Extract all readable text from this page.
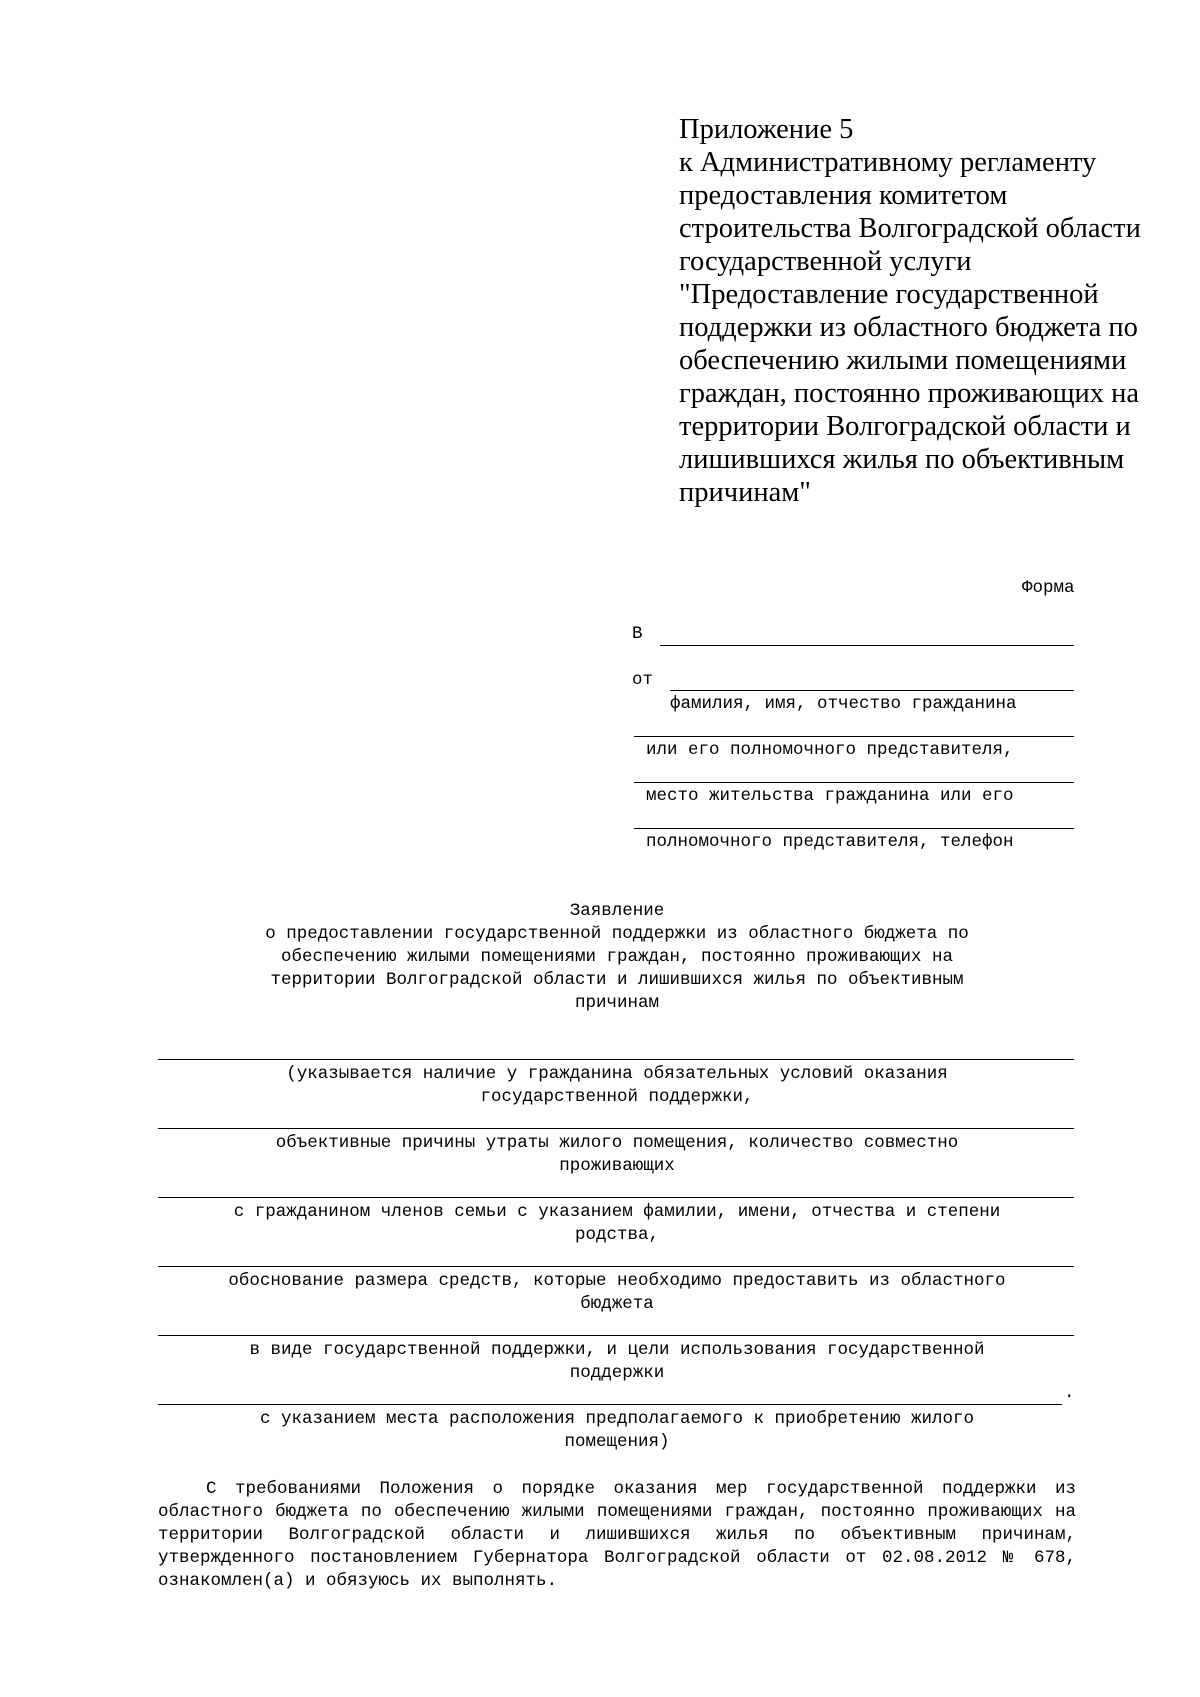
Приложение 5
к Административному регламенту
предоставления комитетом
строительства Волгоградской области
государственной услуги
"Предоставление государственной
поддержки из областного бюджета по
обеспечению жилыми помещениями
граждан, постоянно проживающих на
территории Волгоградской области и
лишившихся жилья по объективным
причинам"
Форма
В
от
фамилия, имя, отчество гражданина
или его полномочного представителя,
место жительства гражданина или его
полномочного представителя, телефон
Заявление
о предоставлении государственной поддержки из областного бюджета по
обеспечению жилыми помещениями граждан, постоянно проживающих на
территории Волгоградской области и лишившихся жилья по объективным
причинам
(указывается наличие у гражданина обязательных условий оказания
государственной поддержки,
объективные причины утраты жилого помещения, количество совместно
проживающих
с гражданином членов семьи с указанием фамилии, имени, отчества и степени
родства,
обоснование размера средств, которые необходимо предоставить из областного
бюджета
в виде государственной поддержки, и цели использования государственной
поддержки
.
с указанием места расположения предполагаемого к приобретению жилого
помещения)

С требованиями Положения о порядке оказания мер государственной поддержки из областного бюджета по обеспечению жилыми помещениями граждан, постоянно проживающих на территории Волгоградской области и лишившихся жилья по объективным причинам, утвержденного постановлением Губернатора Волгоградской области от 02.08.2012 № 678, ознакомлен(а) и обязуюсь их выполнять.
